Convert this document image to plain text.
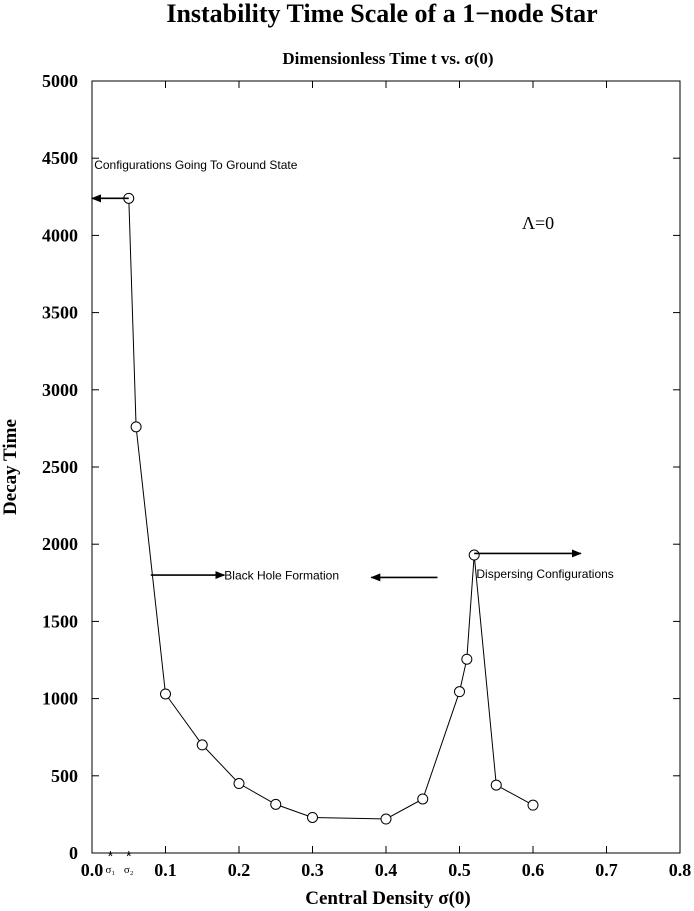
Instability Time Scale of a 1−node Star
Dimensionless Time t vs. σ(0)
0.0	0.1	0.2	0.3	0.4	0.5	0.6	0.7	0.8
0
500
1000
1500
2000
2500
3000
3500
4000
4500
5000
Central Density σ(0)
Decay Time
*
σ₁
*
σ₂
Configurations Going To Ground State
Black Hole Formation	Dispersing Configurations
Λ=0
